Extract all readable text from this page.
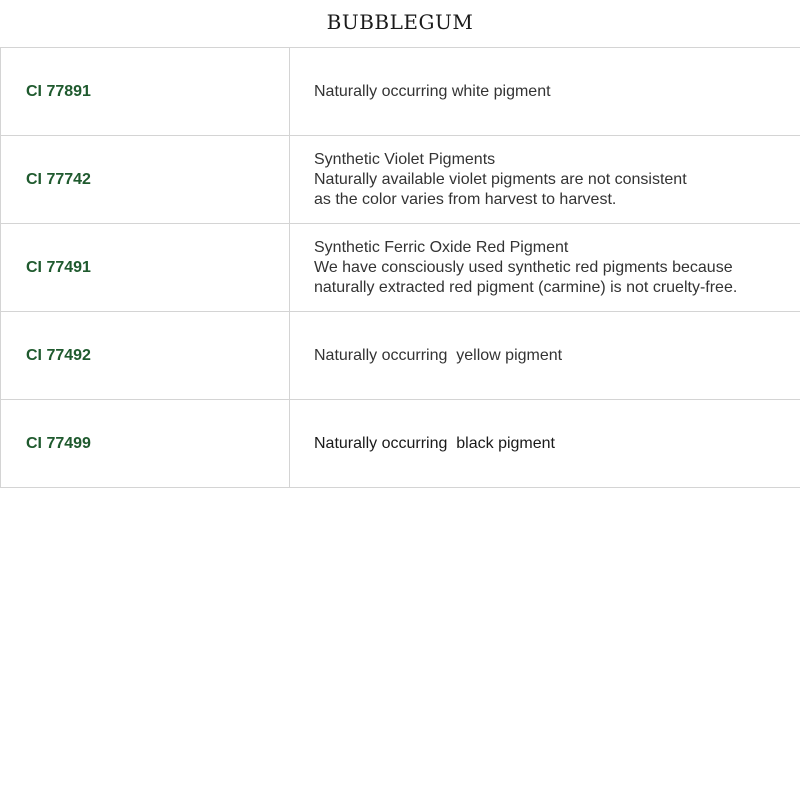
BUBBLEGUM
CI 77891	Naturally occurring white pigment

CI 77742	Synthetic Violet Pigments
Naturally available violet pigments are not consistent
as the color varies from harvest to harvest.

CI 77491	Synthetic Ferric Oxide Red Pigment
We have consciously used synthetic red pigments because
naturally extracted red pigment (carmine) is not cruelty-free.

CI 77492	Naturally occurring  yellow pigment

CI 77499	Naturally occurring  black pigment
